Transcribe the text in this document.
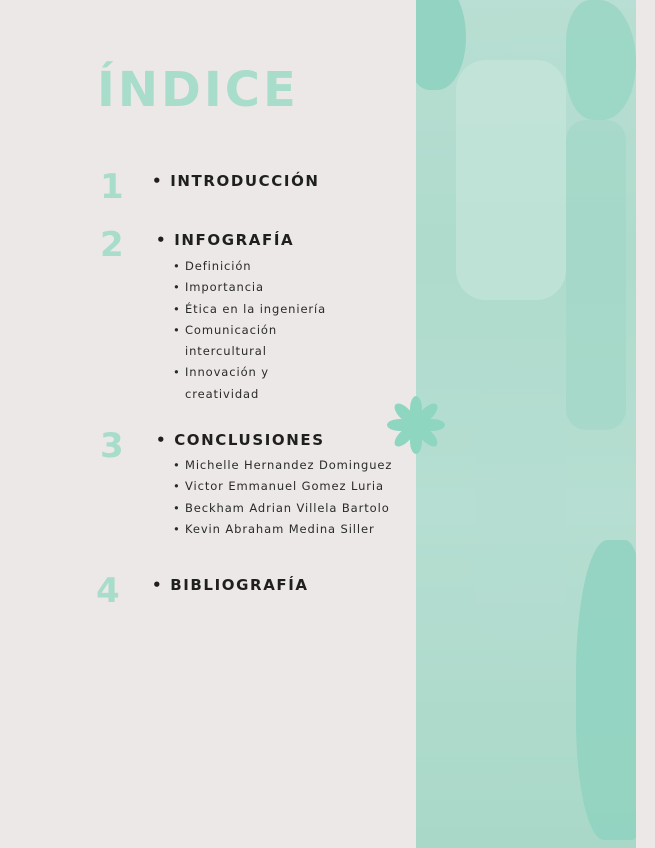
ÍNDICE
1 • INTRODUCCIÓN
2 • INFOGRAFÍA
• Definición
• Importancia
• Ética en la ingeniería
• Comunicación intercultural
• Innovación y creatividad
3 • CONCLUSIONES
• Michelle Hernandez Dominguez
• Victor Emmanuel Gomez Luria
• Beckham Adrian Villela Bartolo
• Kevin Abraham Medina Siller
4 • BIBLIOGRAFÍA
